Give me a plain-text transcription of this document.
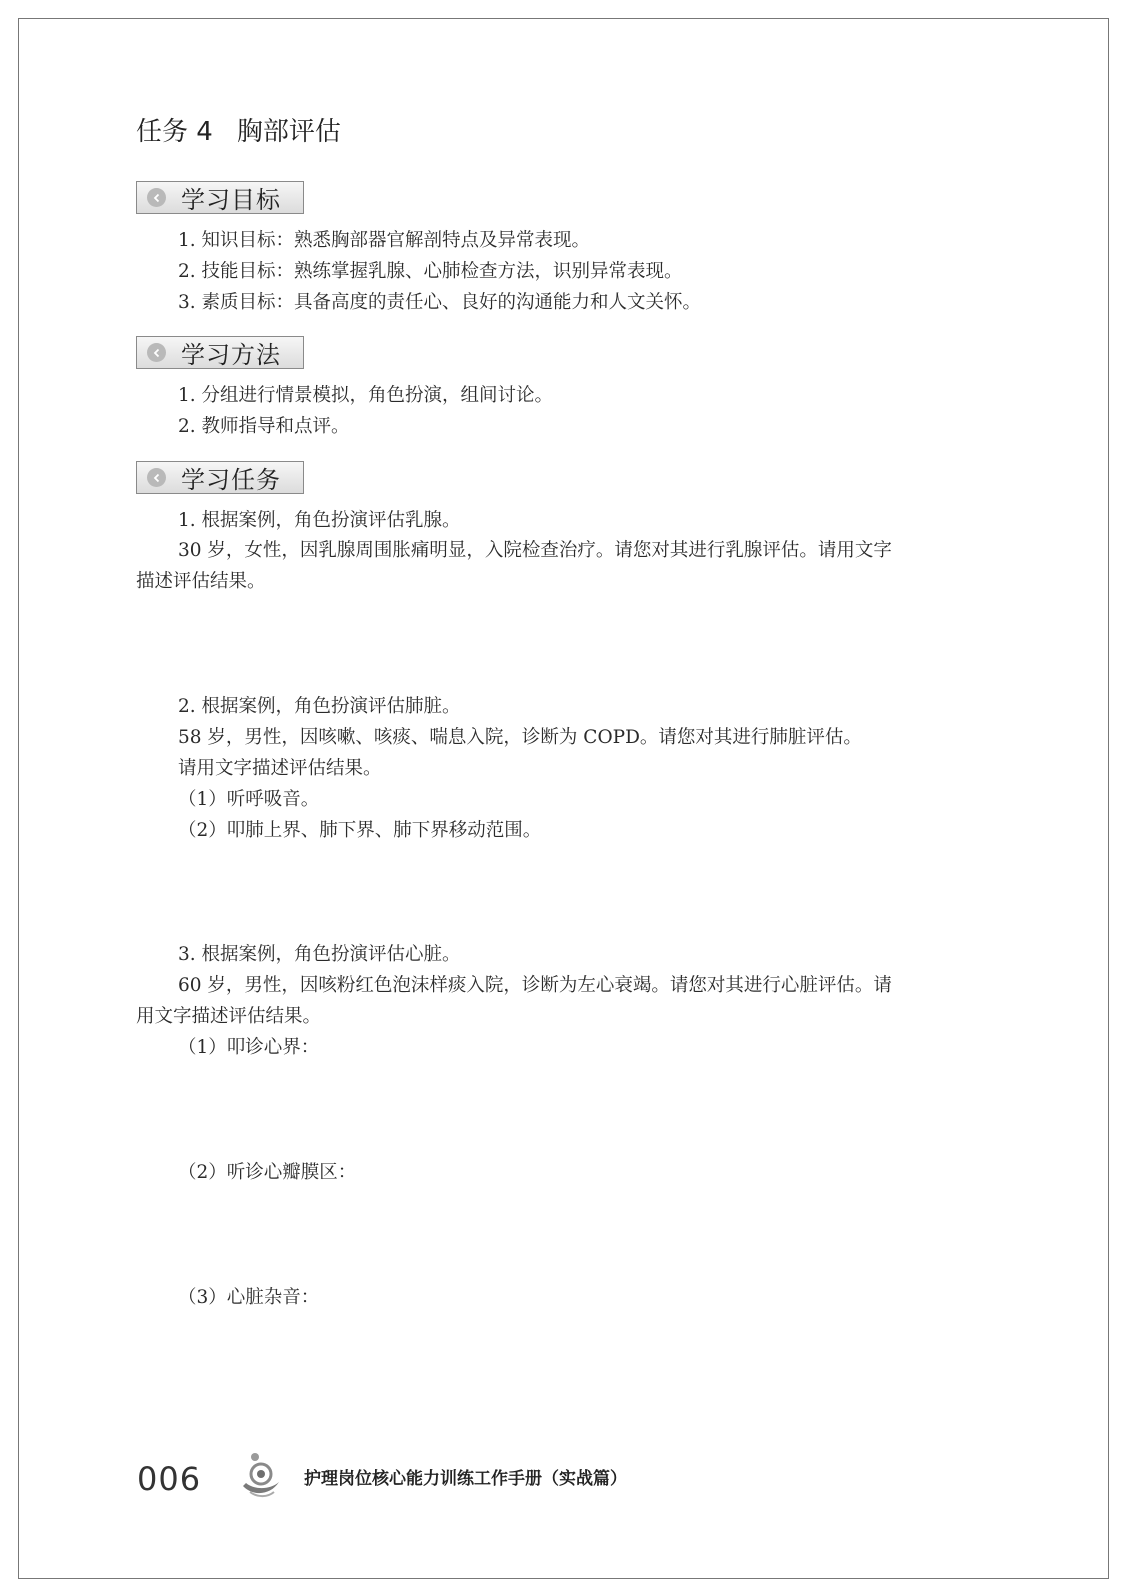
任务 4 胸部评估
学习目标

1. 知识目标：熟悉胸部器官解剖特点及异常表现。

2. 技能目标：熟练掌握乳腺、心肺检查方法，识别异常表现。

3. 素质目标：具备高度的责任心、良好的沟通能力和人文关怀。

学习方法

1. 分组进行情景模拟，角色扮演，组间讨论。

2. 教师指导和点评。

学习任务

1. 根据案例，角色扮演评估乳腺。

30 岁，女性，因乳腺周围胀痛明显，入院检查治疗。请您对其进行乳腺评估。请用文字

描述评估结果。

2. 根据案例，角色扮演评估肺脏。

58 岁，男性，因咳嗽、咳痰、喘息入院，诊断为 COPD。请您对其进行肺脏评估。

请用文字描述评估结果。

（1）听呼吸音。

（2）叩肺上界、肺下界、肺下界移动范围。

3. 根据案例，角色扮演评估心脏。

60 岁，男性，因咳粉红色泡沫样痰入院，诊断为左心衰竭。请您对其进行心脏评估。请

用文字描述评估结果。

（1）叩诊心界：

（2）听诊心瓣膜区：

（3）心脏杂音：

006	护理岗位核心能力训练工作手册（实战篇）
